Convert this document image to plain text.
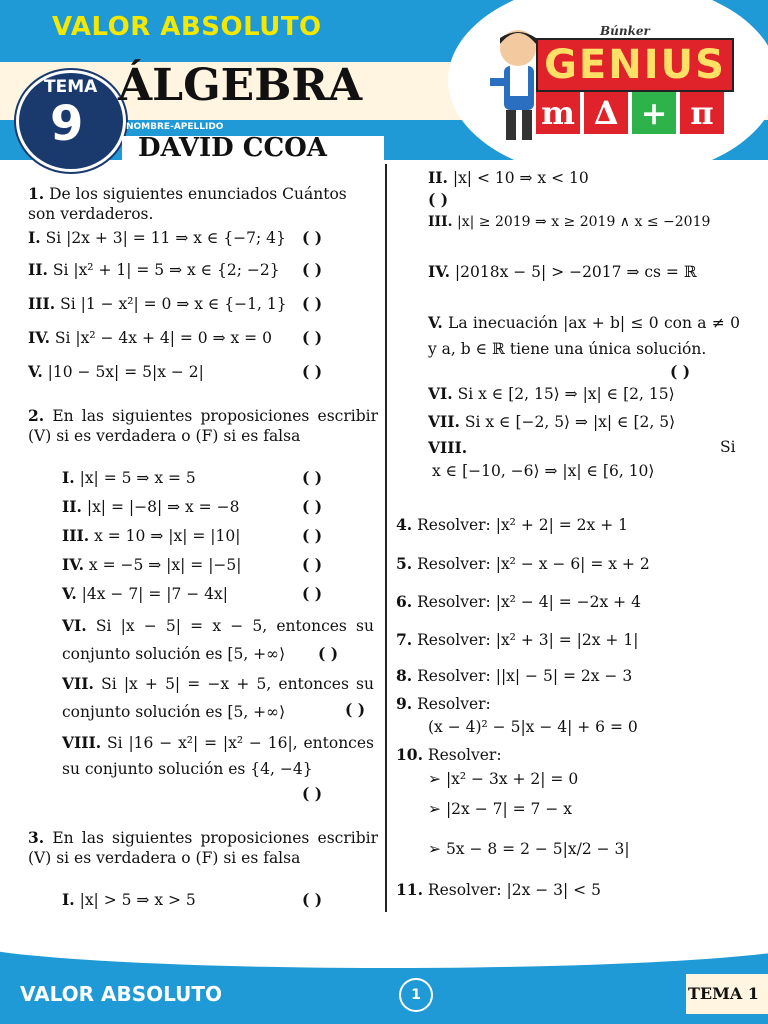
VALOR ABSOLUTO
TEMA
9
ÁLGEBRA
NOMBRE-APELLIDO
DAVID CCOA
Búnker
GENIUS
m ∆ + π
1. De los siguientes enunciados Cuántos son verdaderos.
I. Si |2x + 3| = 11 ⇒ x ∈ {−7; 4}	( )
II. Si |x² + 1| = 5 ⇒ x ∈ {2; −2}	( )
III. Si |1 − x²| = 0 ⇒ x ∈ {−1, 1} ( )
IV. Si |x² − 4x + 4| = 0 ⇒ x = 0	( )
V. |10 − 5x| = 5|x − 2|	( )
2. En las siguientes proposiciones escribir (V) si es verdadera o (F) si es falsa
I. |x| = 5 ⇒ x = 5	( )
II. |x| = |−8| ⇒ x = −8	( )
III. x = 10 ⇒ |x| = |10|	( )
IV. x = −5 ⇒ |x| = |−5|	( )
V. |4x − 7| = |7 − 4x|	( )
VI. Si |x − 5| = x − 5, entonces su conjunto solución es [5, +∞⟩	( )
VII. Si |x + 5| = −x + 5, entonces su conjunto solución es [5, +∞⟩	( )
VIII. Si |16 − x²| = |x² − 16|, entonces su conjunto solución es {4, −4}
( )
3. En las siguientes proposiciones escribir (V) si es verdadera o (F) si es falsa
I. |x| > 5 ⇒ x > 5	( )
II. |x| < 10 ⇒ x < 10
( )
III. |x| ≥ 2019 ⇒ x ≥ 2019 ∧ x ≤ −2019
IV. |2018x − 5| > −2017 ⇒ cs = ℝ
V. La inecuación |ax + b| ≤ 0 con a ≠ 0 y a, b ∈ ℝ tiene una única solución.
( )
VI. Si x ∈ [2, 15⟩ ⇒ |x| ∈ [2, 15⟩
VII. Si x ∈ [−2, 5⟩ ⇒ |x| ∈ [2, 5⟩
VIII.	Si
x ∈ [−10, −6⟩ ⇒ |x| ∈ [6, 10⟩
4. Resolver: |x² + 2| = 2x + 1
5. Resolver: |x² − x − 6| = x + 2
6. Resolver: |x² − 4| = −2x + 4
7. Resolver: |x² + 3| = |2x + 1|
8. Resolver: ||x| − 5| = 2x − 3
9. Resolver:
(x − 4)² − 5|x − 4| + 6 = 0
10. Resolver:
➢ |x² − 3x + 2| = 0
➢ |2x − 7| = 7 − x
➢ 5x − 8 = 2 − 5|x/2 − 3|
11. Resolver: |2x − 3| < 5
VALOR ABSOLUTO	1	TEMA 1
